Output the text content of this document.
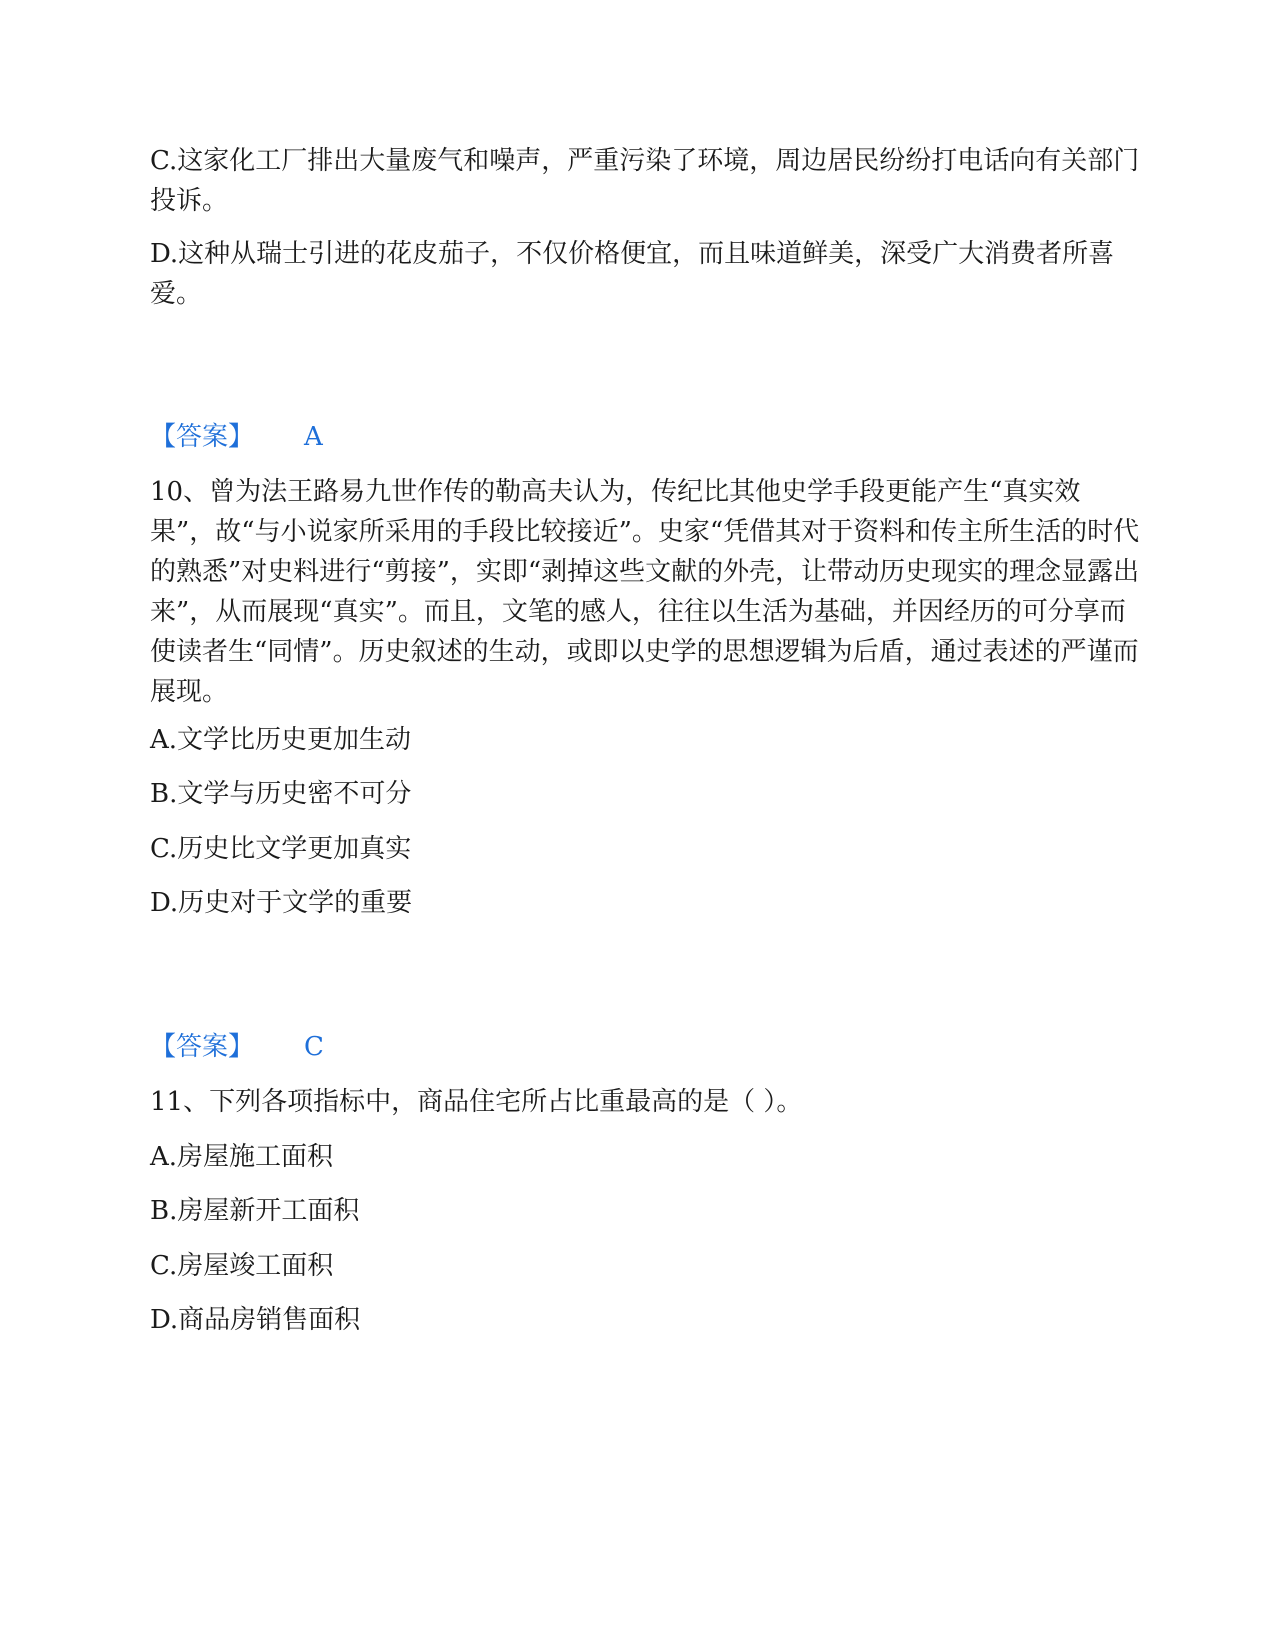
C.这家化工厂排出大量废气和噪声，严重污染了环境，周边居民纷纷打电话向有关部门投诉。
D.这种从瑞士引进的花皮茄子，不仅价格便宜，而且味道鲜美，深受广大消费者所喜爱。
【答案】 A
10、曾为法王路易九世作传的勒高夫认为，传纪比其他史学手段更能产生“真实效果”，故“与小说家所采用的手段比较接近”。史家“凭借其对于资料和传主所生活的时代的熟悉”对史料进行“剪接”，实即“剥掉这些文献的外壳，让带动历史现实的理念显露出来”，从而展现“真实”。而且，文笔的感人，往往以生活为基础，并因经历的可分享而使读者生“同情”。历史叙述的生动，或即以史学的思想逻辑为后盾，通过表述的严谨而展现。
A.文学比历史更加生动
B.文学与历史密不可分
C.历史比文学更加真实
D.历史对于文学的重要
【答案】 C
11、下列各项指标中，商品住宅所占比重最高的是（ ）。
A.房屋施工面积
B.房屋新开工面积
C.房屋竣工面积
D.商品房销售面积
